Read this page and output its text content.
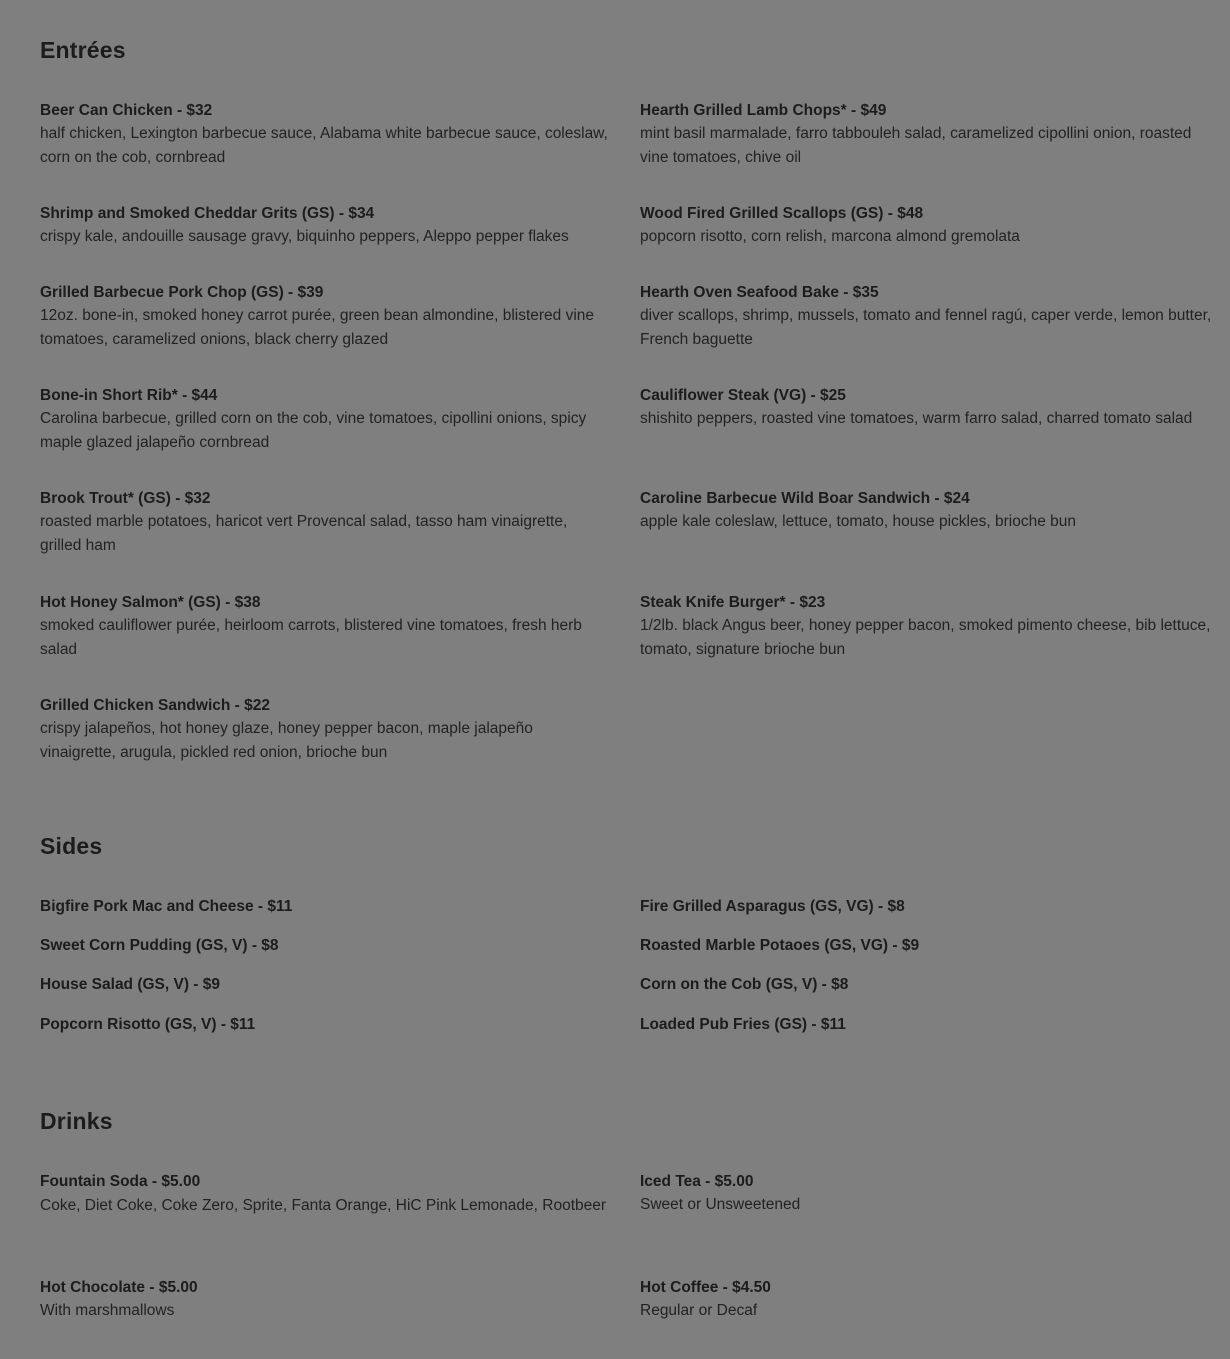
Entrées
Beer Can Chicken - $32
half chicken, Lexington barbecue sauce, Alabama white barbecue sauce, coleslaw, corn on the cob, cornbread
Shrimp and Smoked Cheddar Grits (GS) - $34
crispy kale, andouille sausage gravy, biquinho peppers, Aleppo pepper flakes
Grilled Barbecue Pork Chop (GS) - $39
12oz. bone-in, smoked honey carrot purée, green bean almondine, blistered vine tomatoes, caramelized onions, black cherry glazed
Bone-in Short Rib* - $44
Carolina barbecue, grilled corn on the cob, vine tomatoes, cipollini onions, spicy maple glazed jalapeño cornbread
Brook Trout* (GS) - $32
roasted marble potatoes, haricot vert Provencal salad, tasso ham vinaigrette, grilled ham
Hot Honey Salmon* (GS) - $38
smoked cauliflower purée, heirloom carrots, blistered vine tomatoes, fresh herb salad
Grilled Chicken Sandwich - $22
crispy jalapeños, hot honey glaze, honey pepper bacon, maple jalapeño vinaigrette, arugula, pickled red onion, brioche bun
Hearth Grilled Lamb Chops* - $49
mint basil marmalade, farro tabbouleh salad, caramelized cipollini onion, roasted vine tomatoes, chive oil
Wood Fired Grilled Scallops (GS) - $48
popcorn risotto, corn relish, marcona almond gremolata
Hearth Oven Seafood Bake - $35
diver scallops, shrimp, mussels, tomato and fennel ragú, caper verde, lemon butter, French baguette
Cauliflower Steak (VG) - $25
shishito peppers, roasted vine tomatoes, warm farro salad, charred tomato salad
Caroline Barbecue Wild Boar Sandwich - $24
apple kale coleslaw, lettuce, tomato, house pickles, brioche bun
Steak Knife Burger* - $23
1/2lb. black Angus beer, honey pepper bacon, smoked pimento cheese, bib lettuce, tomato, signature brioche bun
Sides
Bigfire Pork Mac and Cheese - $11
Sweet Corn Pudding (GS, V) - $8
House Salad (GS, V) - $9
Popcorn Risotto (GS, V) - $11
Fire Grilled Asparagus (GS, VG) - $8
Roasted Marble Potaoes (GS, VG) - $9
Corn on the Cob (GS, V) - $8
Loaded Pub Fries (GS) - $11
Drinks
Fountain Soda - $5.00
Coke, Diet Coke, Coke Zero, Sprite, Fanta Orange, HiC Pink Lemonade, Rootbeer
Hot Chocolate - $5.00
With marshmallows
Iced Tea - $5.00
Sweet or Unsweetened
Hot Coffee - $4.50
Regular or Decaf
